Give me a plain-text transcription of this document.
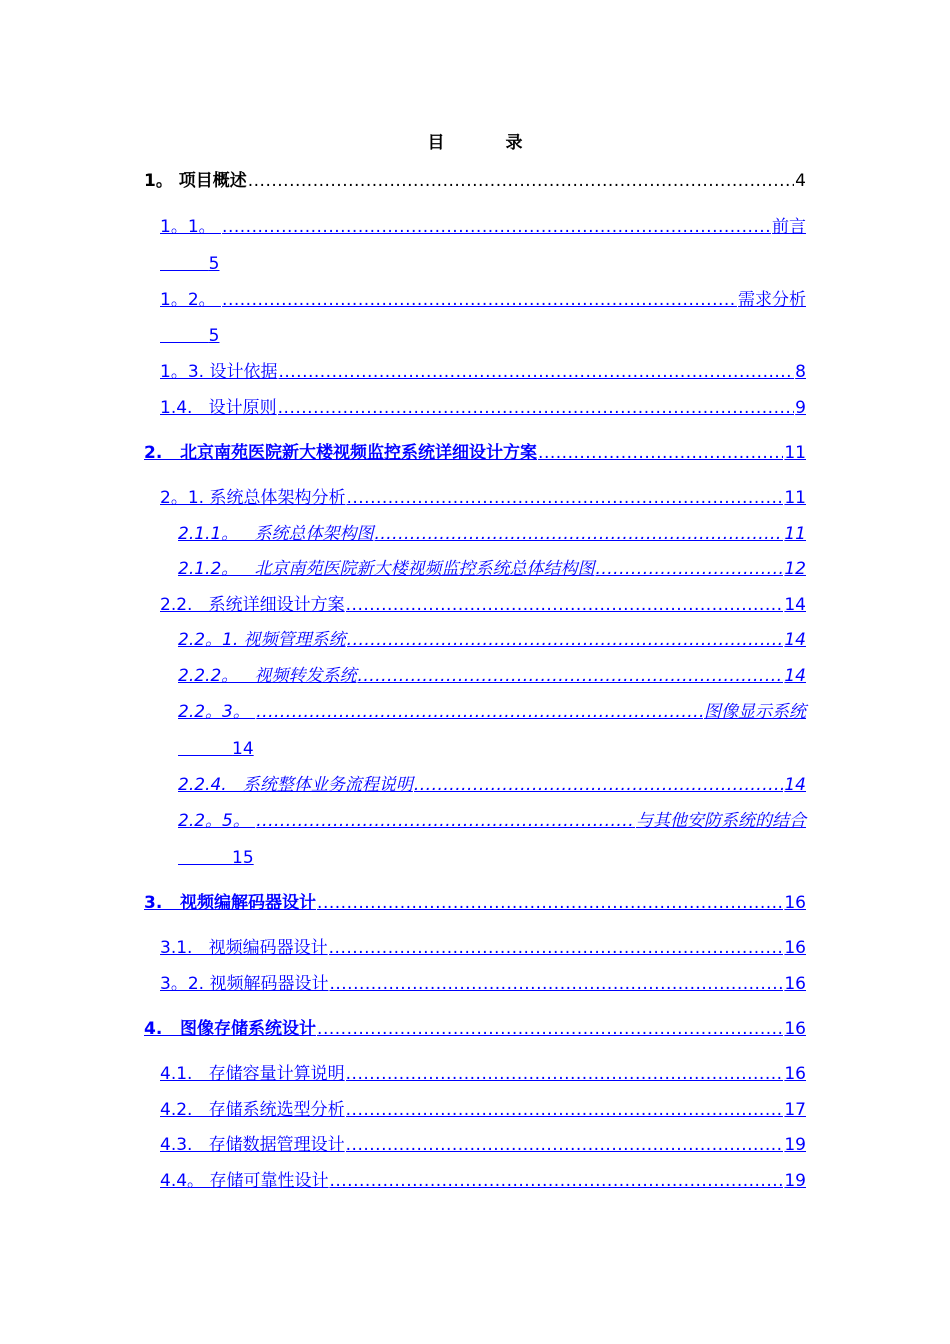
目　录
1。 项目概述 .....	4
1。1。 .....	前言
5
1。2。 .....	需求分析
5
1。3. 设计依据 .....	8
1.4.   设计原则 .....	9
2.   北京南苑医院新大楼视频监控系统详细设计方案 .....	11
2。1. 系统总体架构分析 .....	11
2.1.1。   系统总体架构图 .....	11
2.1.2。   北京南苑医院新大楼视频监控系统总体结构图 .....	12
2.2.   系统详细设计方案 .....	14
2.2。1. 视频管理系统 .....	14
2.2.2。   视频转发系统 .....	14
2.2。3。 .....	图像显示系统
14
2.2.4.   系统整体业务流程说明 .....	14
2.2。5。 .....	与其他安防系统的结合
15
3.   视频编解码器设计 .....	16
3.1.   视频编码器设计 .....	16
3。2. 视频解码器设计 .....	16
4.   图像存储系统设计 .....	16
4.1.   存储容量计算说明 .....	16
4.2.   存储系统选型分析 .....	17
4.3.   存储数据管理设计 .....	19
4.4。 存储可靠性设计 .....	19
